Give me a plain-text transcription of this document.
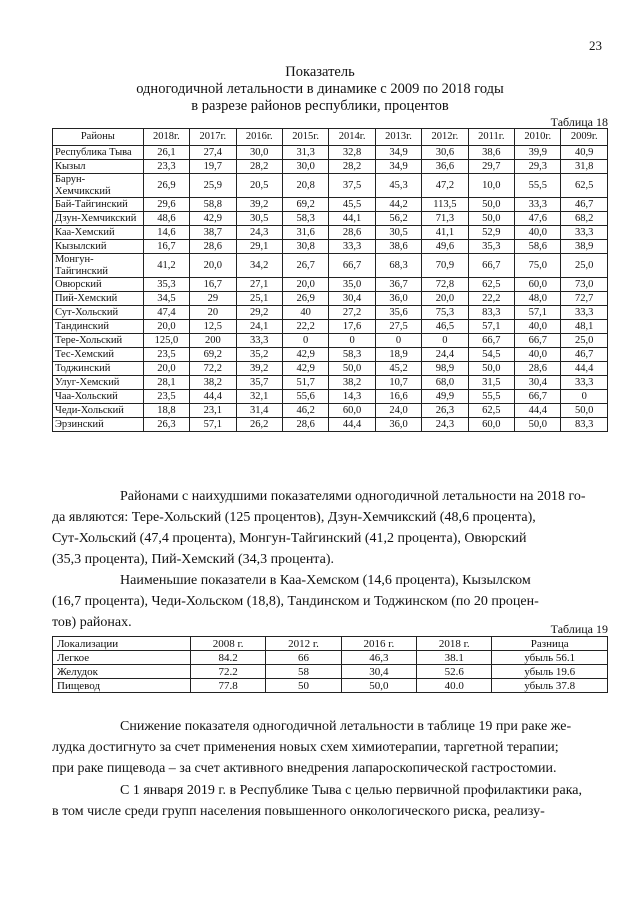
23
Показатель
одногодичной летальности в динамике с 2009 по 2018 годы
в разрезе районов республики, процентов
Таблица 18
Районы	2018г.	2017г.	2016г.	2015г.	2014г.	2013г.	2012г.	2011г.	2010г.	2009г.
Республика Тыва	26,1	27,4	30,0	31,3	32,8	34,9	30,6	38,6	39,9	40,9
Кызыл	23,3	19,7	28,2	30,0	28,2	34,9	36,6	29,7	29,3	31,8
Барун-Хемчикский	26,9	25,9	20,5	20,8	37,5	45,3	47,2	10,0	55,5	62,5
Бай-Тайгинский	29,6	58,8	39,2	69,2	45,5	44,2	113,5	50,0	33,3	46,7
Дзун-Хемчикский	48,6	42,9	30,5	58,3	44,1	56,2	71,3	50,0	47,6	68,2
Каа-Хемский	14,6	38,7	24,3	31,6	28,6	30,5	41,1	52,9	40,0	33,3
Кызылский	16,7	28,6	29,1	30,8	33,3	38,6	49,6	35,3	58,6	38,9
Монгун-Тайгинский	41,2	20,0	34,2	26,7	66,7	68,3	70,9	66,7	75,0	25,0
Овюрский	35,3	16,7	27,1	20,0	35,0	36,7	72,8	62,5	60,0	73,0
Пий-Хемский	34,5	29	25,1	26,9	30,4	36,0	20,0	22,2	48,0	72,7
Сут-Хольский	47,4	20	29,2	40	27,2	35,6	75,3	83,3	57,1	33,3
Тандинский	20,0	12,5	24,1	22,2	17,6	27,5	46,5	57,1	40,0	48,1
Тере-Хольский	125,0	200	33,3	0	0	0	0	66,7	66,7	25,0
Тес-Хемский	23,5	69,2	35,2	42,9	58,3	18,9	24,4	54,5	40,0	46,7
Тоджинский	20,0	72,2	39,2	42,9	50,0	45,2	98,9	50,0	28,6	44,4
Улуг-Хемский	28,1	38,2	35,7	51,7	38,2	10,7	68,0	31,5	30,4	33,3
Чаа-Хольский	23,5	44,4	32,1	55,6	14,3	16,6	49,9	55,5	66,7	0
Чеди-Хольский	18,8	23,1	31,4	46,2	60,0	24,0	26,3	62,5	44,4	50,0
Эрзинский	26,3	57,1	26,2	28,6	44,4	36,0	24,3	60,0	50,0	83,3
Районами с наихудшими показателями одногодичной летальности на 2018 го-
да являются: Тере-Хольский (125 процентов), Дзун-Хемчикский (48,6 процента),
Сут-Хольский (47,4 процента), Монгун-Тайгинский (41,2 процента), Овюрский
(35,3 процента), Пий-Хемский (34,3 процента).
Наименьшие показатели в Каа-Хемском (14,6 процента), Кызылском
(16,7 процента), Чеди-Хольском (18,8), Тандинском и Тоджинском (по 20 процен-
тов) районах.	Таблица 19
Локализации	2008 г.	2012 г.	2016 г.	2018 г.	Разница
Легкое	84.2	66	46,3	38.1	убыль 56.1
Желудок	72.2	58	30,4	52.6	убыль 19.6
Пищевод	77.8	50	50,0	40.0	убыль 37.8
Снижение показателя одногодичной летальности в таблице 19 при раке же-
лудка достигнуто за счет применения новых схем химиотерапии, таргетной терапии;
при раке пищевода – за счет активного внедрения лапароскопической гастростомии.
С 1 января 2019 г. в Республике Тыва с целью первичной профилактики рака,
в том числе среди групп населения повышенного онкологического риска, реализу-
